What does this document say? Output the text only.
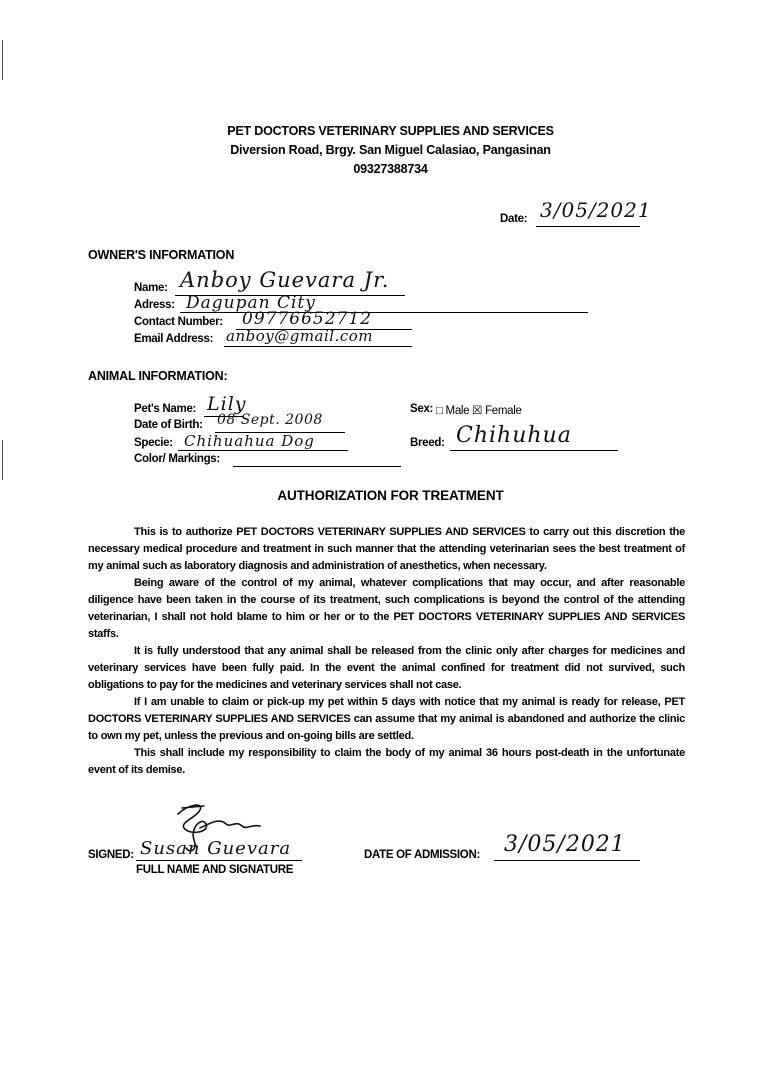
PET DOCTORS VETERINARY SUPPLIES AND SERVICES
Diversion Road, Brgy. San Miguel Calasiao, Pangasinan
09327388734
Date: 3/05/2021
OWNER'S INFORMATION
Name: Anboy Guevara Jr.
Adress: Dagupan City
Contact Number: 09776652712
Email Address: anboy@gmail.com
ANIMAL INFORMATION:
Pet's Name: Lily
Date of Birth: 08 Sept. 2008
Specie: Chihuahua Dog
Color/ Markings:
Sex: □ Male ☒ Female
Breed: Chihuhua
AUTHORIZATION FOR TREATMENT

This is to authorize PET DOCTORS VETERINARY SUPPLIES AND SERVICES to carry out this discretion the necessary medical procedure and treatment in such manner that the attending veterinarian sees the best treatment of my animal such as laboratory diagnosis and administration of anesthetics, when necessary.

Being aware of the control of my animal, whatever complications that may occur, and after reasonable diligence have been taken in the course of its treatment, such complications is beyond the control of the attending veterinarian, I shall not hold blame to him or her or to the PET DOCTORS VETERINARY SUPPLIES AND SERVICES staffs.

It is fully understood that any animal shall be released from the clinic only after charges for medicines and veterinary services have been fully paid. In the event the animal confined for treatment did not survived, such obligations to pay for the medicines and veterinary services shall not case.

If I am unable to claim or pick-up my pet within 5 days with notice that my animal is ready for release, PET DOCTORS VETERINARY SUPPLIES AND SERVICES can assume that my animal is abandoned and authorize the clinic to own my pet, unless the previous and on-going bills are settled.

This shall include my responsibility to claim the body of my animal 36 hours post-death in the unfortunate event of its demise.

SIGNED: Susan Guevara
FULL NAME AND SIGNATURE
DATE OF ADMISSION: 3/05/2021
